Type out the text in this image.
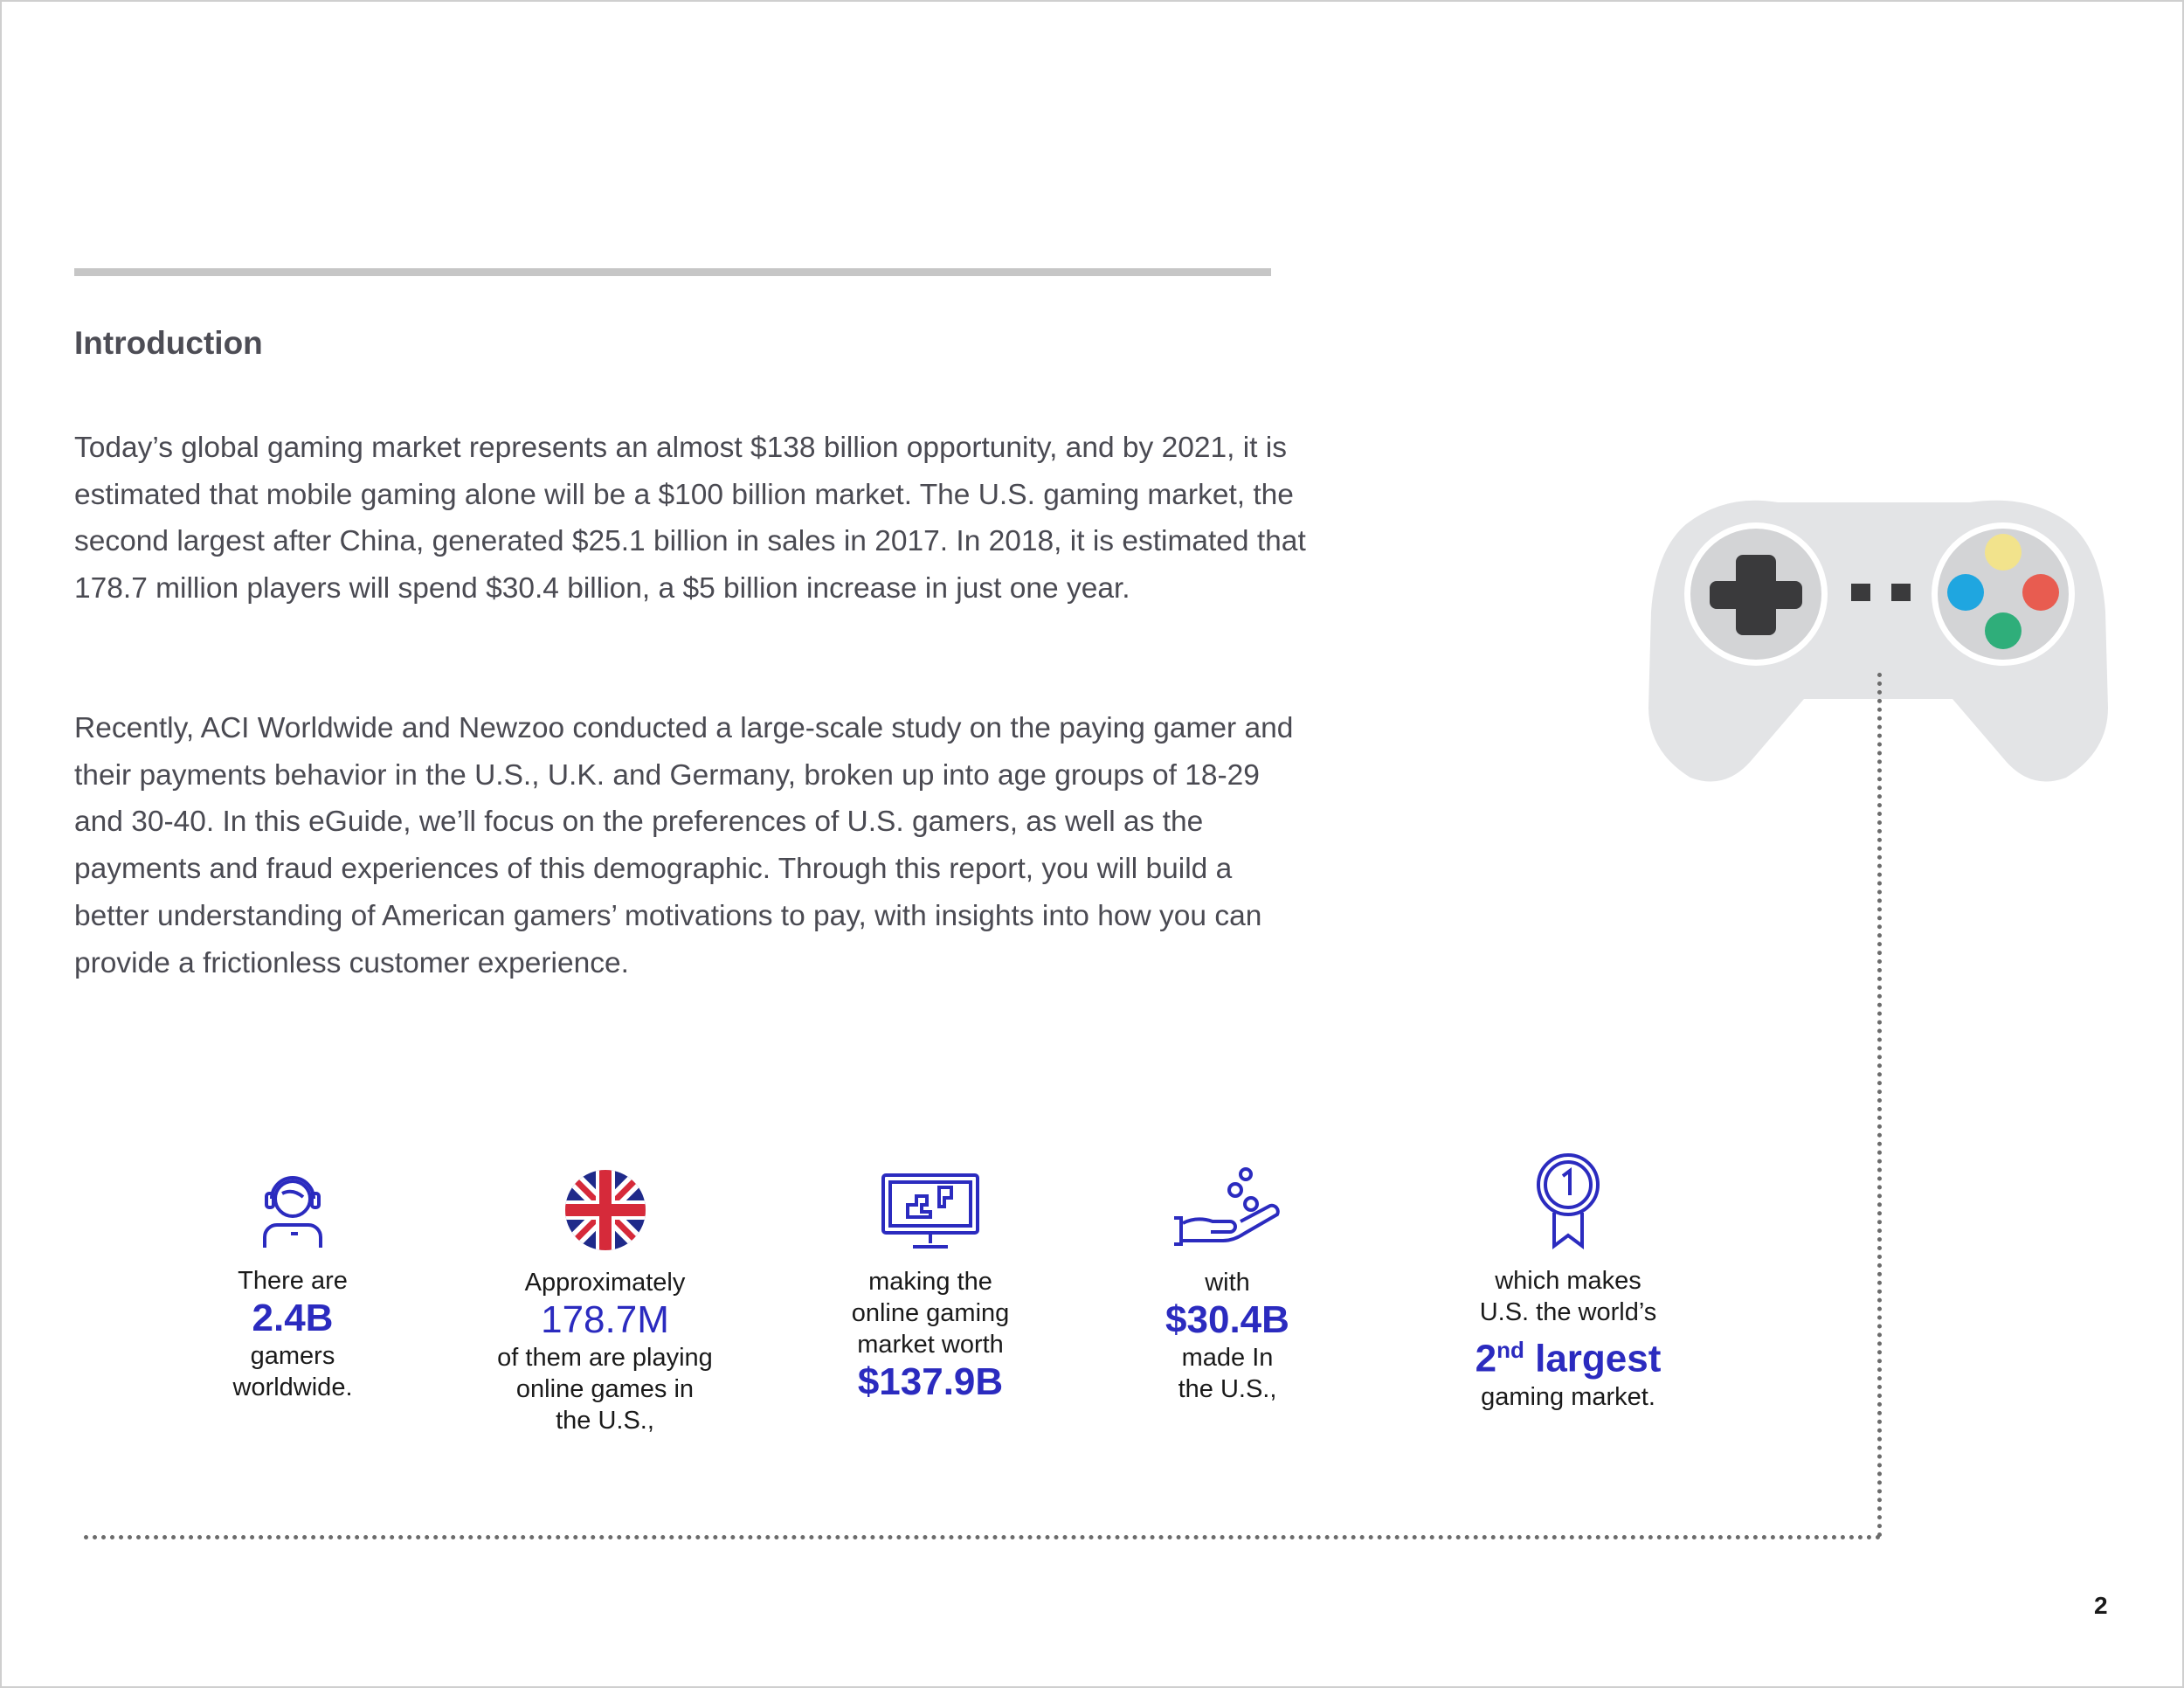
Introduction

Today’s global gaming market represents an almost $138 billion opportunity, and by 2021, it is estimated that mobile gaming alone will be a $100 billion market. The U.S. gaming market, the second largest after China, generated $25.1 billion in sales in 2017. In 2018, it is estimated that 178.7 million players will spend $30.4 billion, a $5 billion increase in just one year.

Recently, ACI Worldwide and Newzoo conducted a large-scale study on the paying gamer and their payments behavior in the U.S., U.K. and Germany, broken up into age groups of 18-29 and 30-40. In this eGuide, we’ll focus on the preferences of U.S. gamers, as well as the payments and fraud experiences of this demographic. Through this report, you will build a better understanding of American gamers’ motivations to pay, with insights into how you can provide a frictionless customer experience.

There are
2.4B
gamers
worldwide.
Approximately
178.7M
of them are playing
online games in
the U.S.,
making the
online gaming
market worth
$137.9B
with
$30.4B
made In
the U.S.,
which makes
U.S. the world’s
2nd largest
gaming market.
2
